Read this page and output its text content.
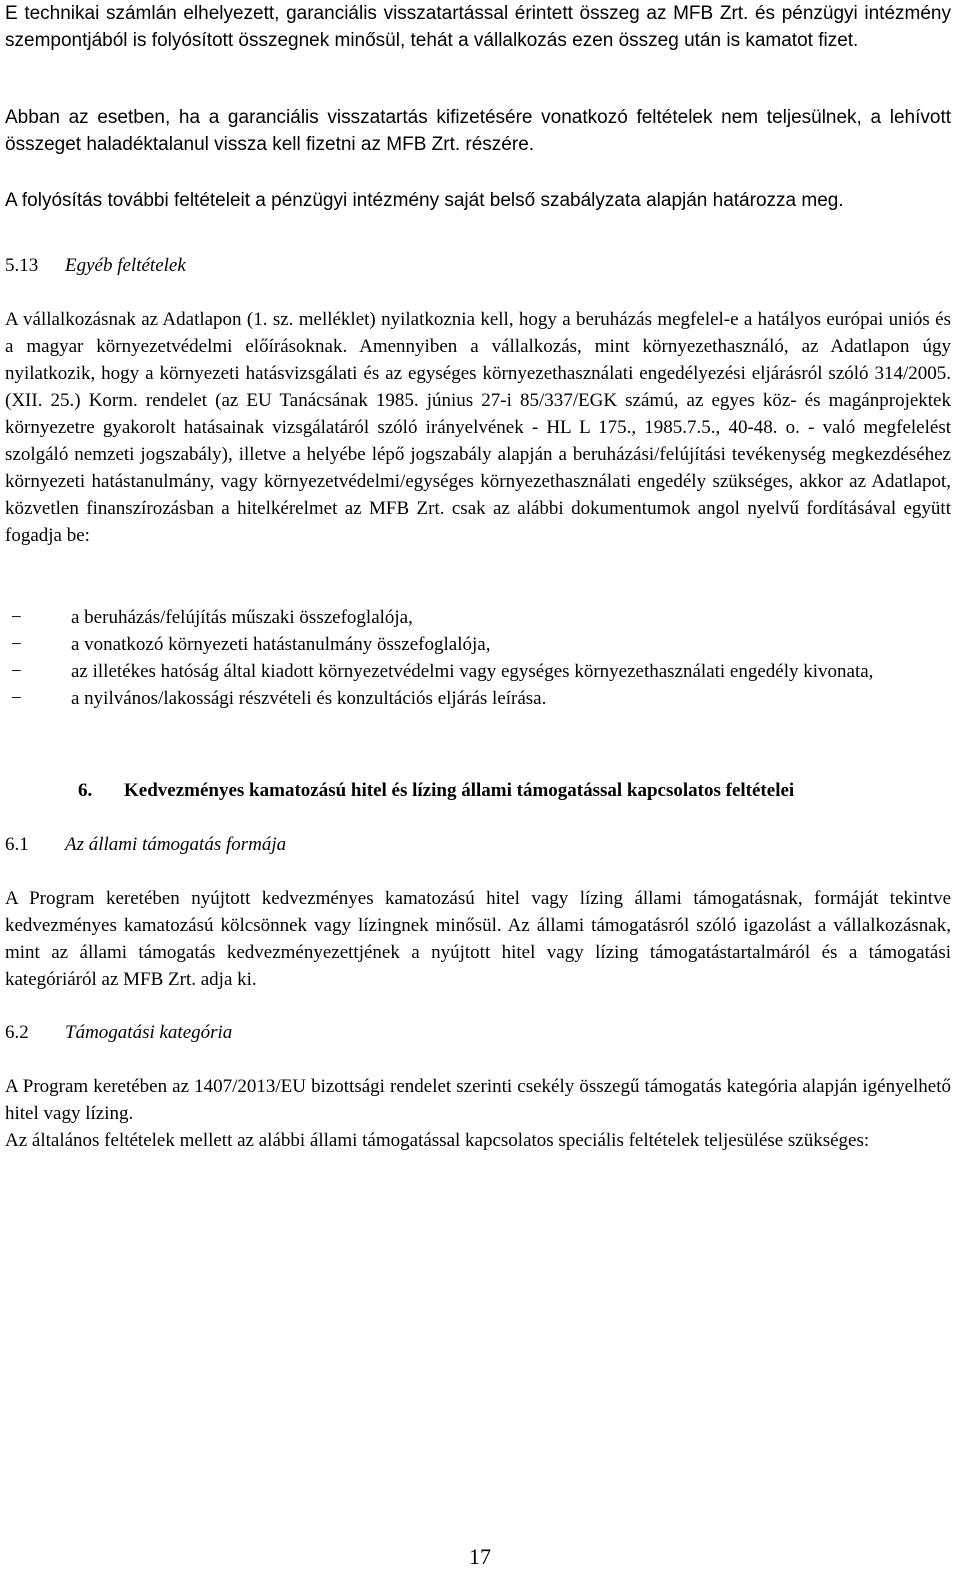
E technikai számlán elhelyezett, garanciális visszatartással érintett összeg az MFB Zrt. és pénzügyi intézmény szempontjából is folyósított összegnek minősül, tehát a vállalkozás ezen összeg után is kamatot fizet.

Abban az esetben, ha a garanciális visszatartás kifizetésére vonatkozó feltételek nem teljesülnek, a lehívott összeget haladéktalanul vissza kell fizetni az MFB Zrt. részére.

A folyósítás további feltételeit a pénzügyi intézmény saját belső szabályzata alapján határozza meg.

5.13 Egyéb feltételek

A vállalkozásnak az Adatlapon (1. sz. melléklet) nyilatkoznia kell, hogy a beruházás megfelel-e a hatályos európai uniós és a magyar környezetvédelmi előírásoknak. Amennyiben a vállalkozás, mint környezethasználó, az Adatlapon úgy nyilatkozik, hogy a környezeti hatásvizsgálati és az egységes környezethasználati engedélyezési eljárásról szóló 314/2005. (XII. 25.) Korm. rendelet (az EU Tanácsának 1985. június 27-i 85/337/EGK számú, az egyes köz- és magánprojektek környezetre gyakorolt hatásainak vizsgálatáról szóló irányelvének - HL L 175., 1985.7.5., 40-48. o. - való megfelelést szolgáló nemzeti jogszabály), illetve a helyébe lépő jogszabály alapján a beruházási/felújítási tevékenység megkezdéséhez környezeti hatástanulmány, vagy környezetvédelmi/egységes környezethasználati engedély szükséges, akkor az Adatlapot, közvetlen finanszírozásban a hitelkérelmet az MFB Zrt. csak az alábbi dokumentumok angol nyelvű fordításával együtt fogadja be:

−	a beruházás/felújítás műszaki összefoglalója,
−	a vonatkozó környezeti hatástanulmány összefoglalója,
−	az illetékes hatóság által kiadott környezetvédelmi vagy egységes környezethasználati engedély kivonata,
−	a nyilvános/lakossági részvételi és konzultációs eljárás leírása.
6. Kedvezményes kamatozású hitel és lízing állami támogatással kapcsolatos feltételei
6.1 Az állami támogatás formája

A Program keretében nyújtott kedvezményes kamatozású hitel vagy lízing állami támogatásnak, formáját tekintve kedvezményes kamatozású kölcsönnek vagy lízingnek minősül. Az állami támogatásról szóló igazolást a vállalkozásnak, mint az állami támogatás kedvezményezettjének a nyújtott hitel vagy lízing támogatástartalmáról és a támogatási kategóriáról az MFB Zrt. adja ki.

6.2 Támogatási kategória

A Program keretében az 1407/2013/EU bizottsági rendelet szerinti csekély összegű támogatás kategória alapján igényelhető hitel vagy lízing.

Az általános feltételek mellett az alábbi állami támogatással kapcsolatos speciális feltételek teljesülése szükséges:

17
